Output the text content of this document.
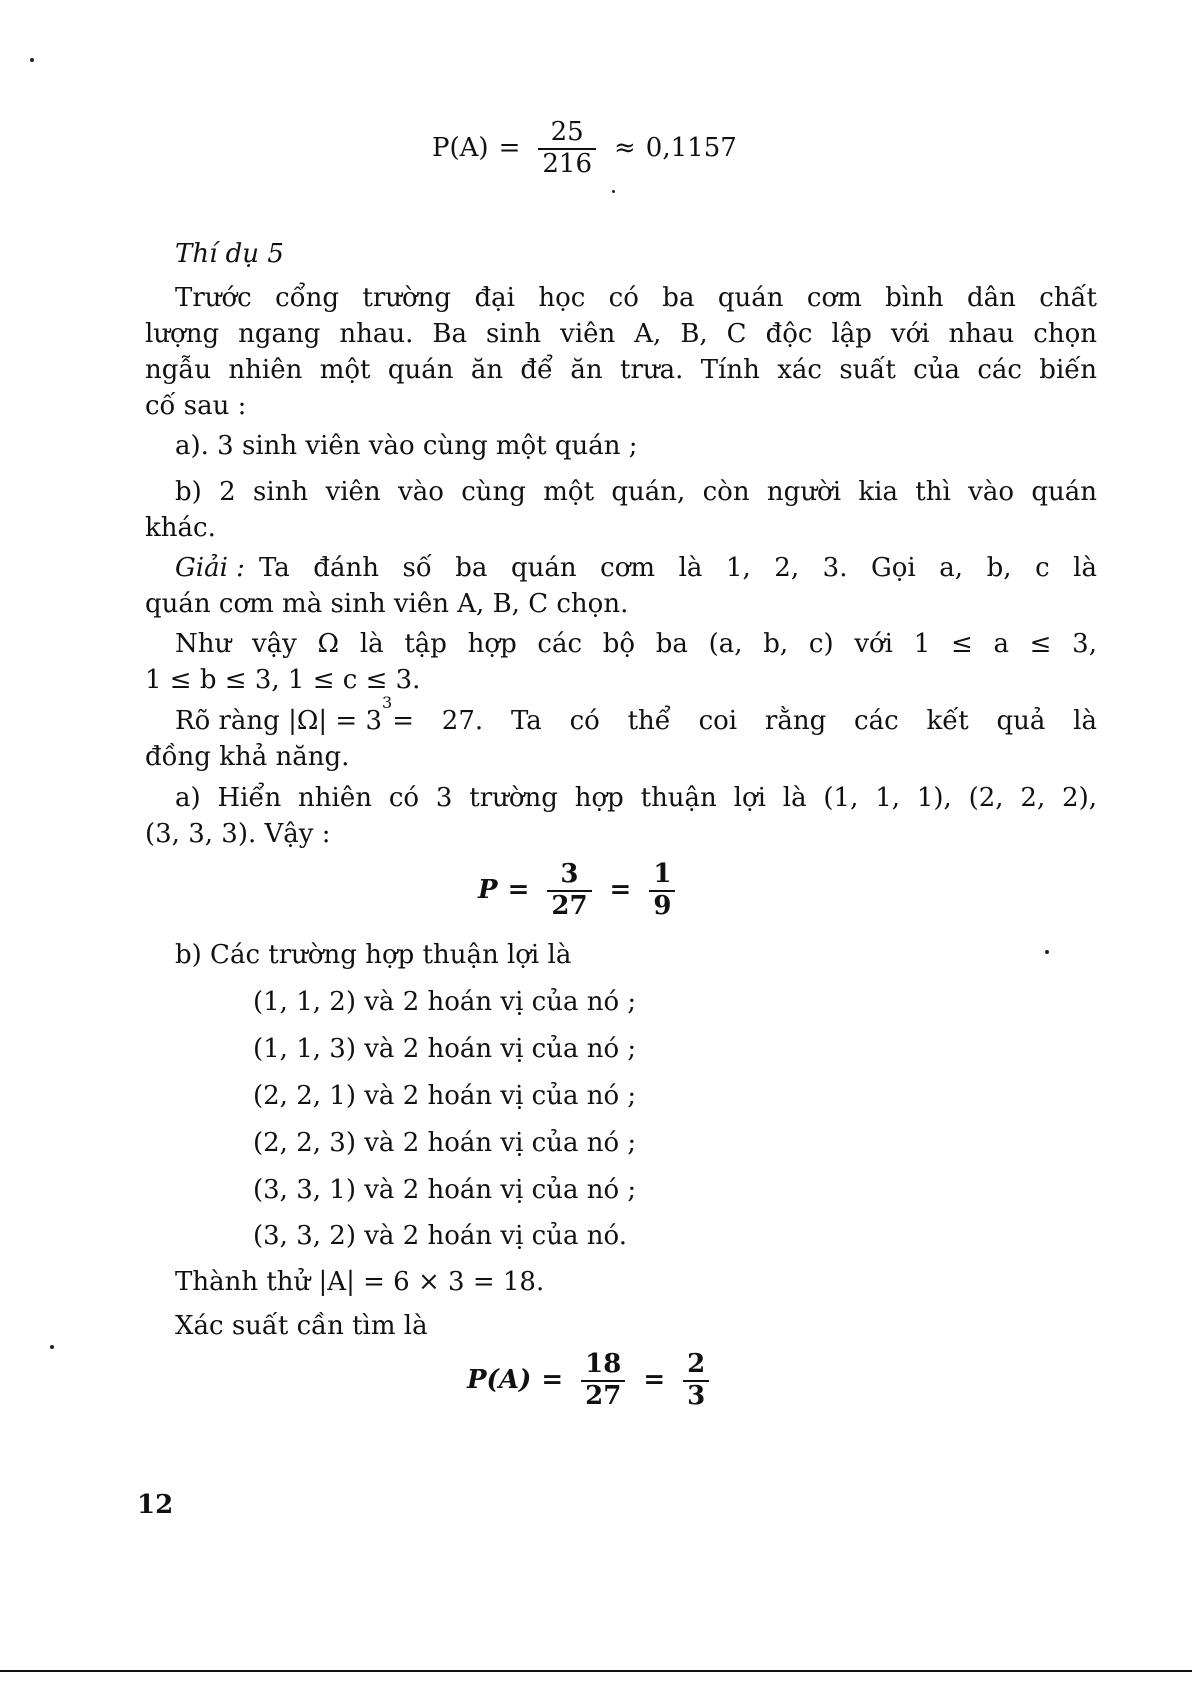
$P(A) = \frac{25}{216} \approx 0,1157$
Thí dụ 5
Trước cổng trường đại học có ba quán cơm bình dân chất
lượng ngang nhau. Ba sinh viên A, B, C độc lập với nhau chọn
ngẫu nhiên một quán ăn để ăn trưa. Tính xác suất của các biến
cố sau :
a). 3 sinh viên vào cùng một quán ;
b) 2 sinh viên vào cùng một quán, còn người kia thì vào quán
khác.
Giải : Ta đánh số ba quán cơm là 1, 2, 3. Gọi a, b, c là
quán cơm mà sinh viên A, B, C chọn.
Như vậy Ω là tập hợp các bộ ba (a, b, c) với 1 ≤ a ≤ 3,
1 ≤ b ≤ 3, 1 ≤ c ≤ 3.
Rõ ràng |Ω| = 3
3
= 27. Ta có thể coi rằng các kết quả là
đồng khả năng.
a) Hiển nhiên có 3 trường hợp thuận lợi là (1, 1, 1), (2, 2, 2),
(3, 3, 3). Vậy :
$P = \frac{3}{27} = \frac{1}{9}$
b) Các trường hợp thuận lợi là
(1, 1, 2) và 2 hoán vị của nó ;
(1, 1, 3) và 2 hoán vị của nó ;
(2, 2, 1) và 2 hoán vị của nó ;
(2, 2, 3) và 2 hoán vị của nó ;
(3, 3, 1) và 2 hoán vị của nó ;
(3, 3, 2) và 2 hoán vị của nó.
Thành thử |A| = 6 × 3 = 18.
Xác suất cần tìm là
$P(A) = \frac{18}{27} = \frac{2}{3}$
12
